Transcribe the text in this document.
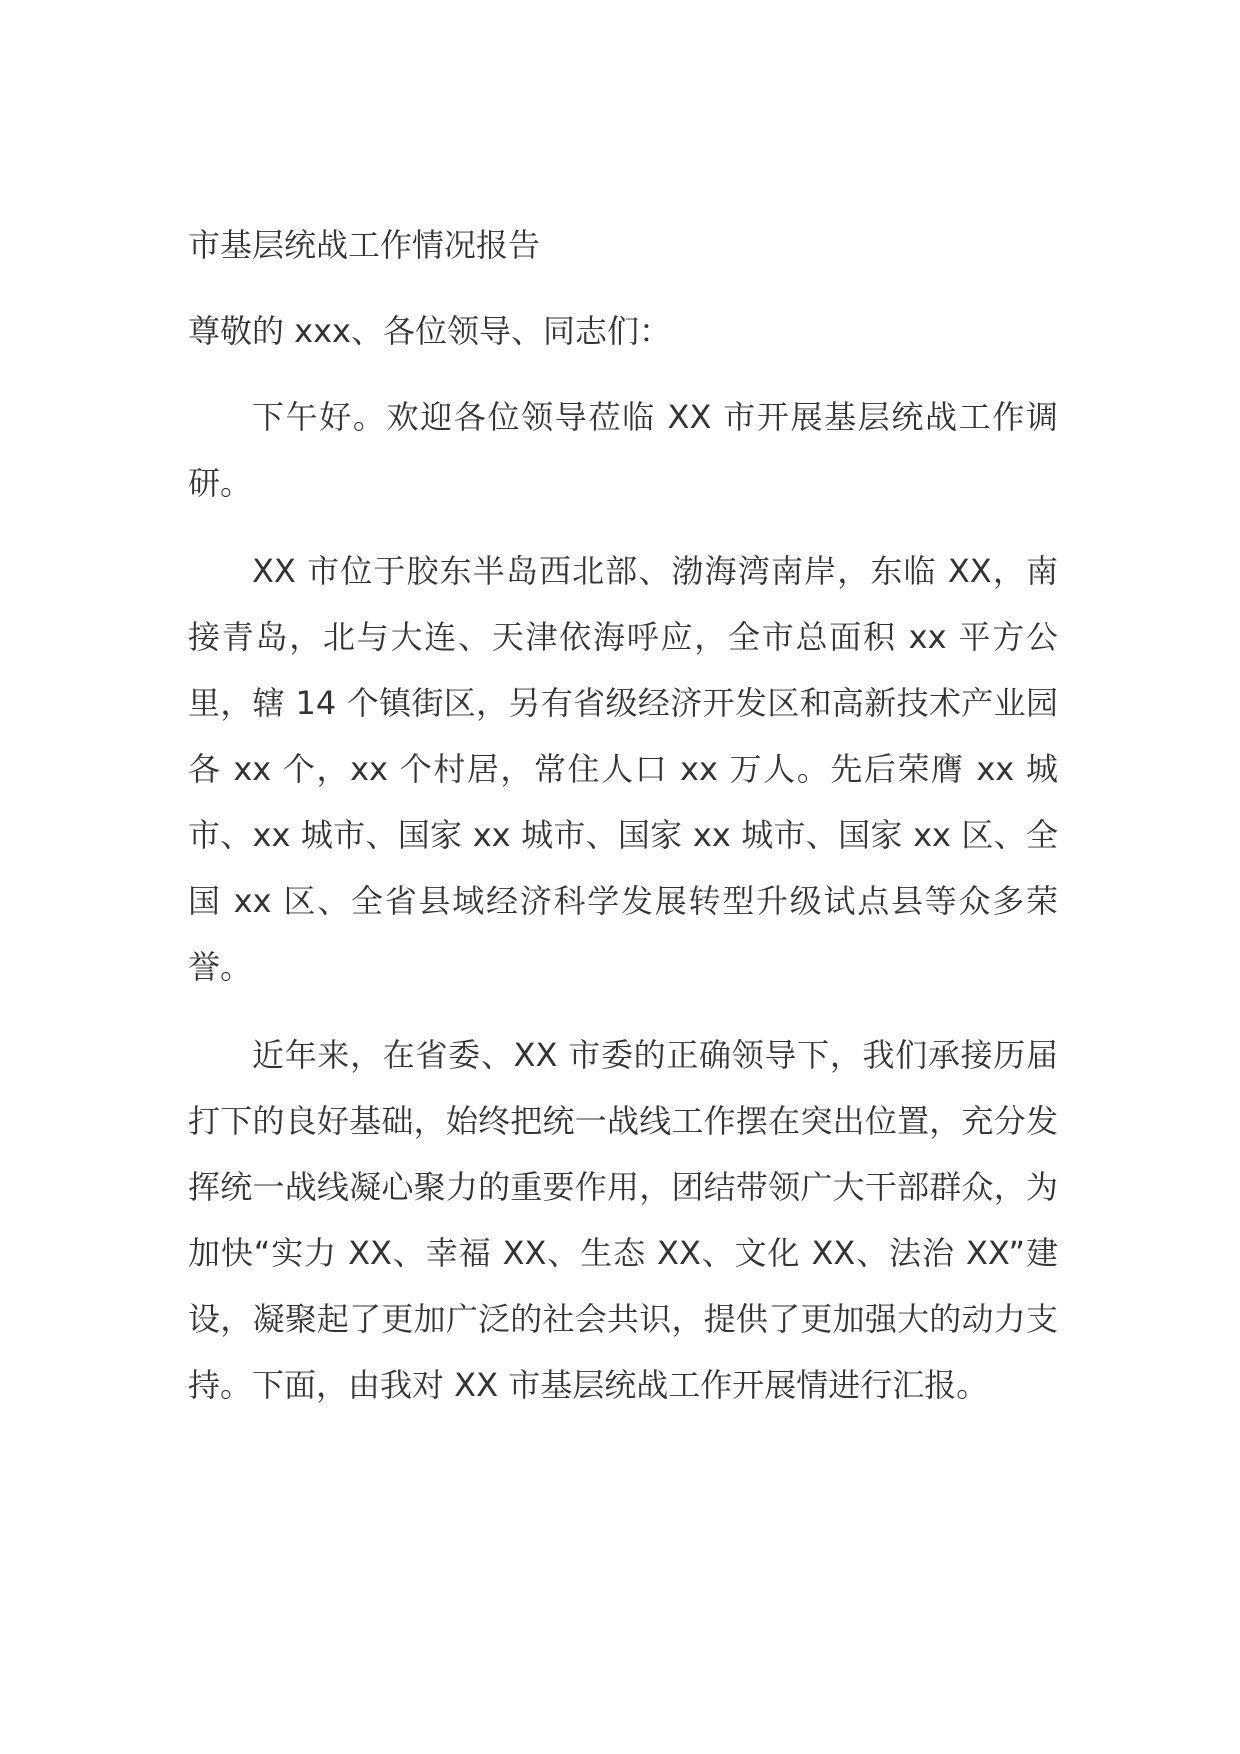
市基层统战工作情况报告

尊敬的 xxx、各位领导、同志们：

下午好。欢迎各位领导莅临 XX 市开展基层统战工作调研。

XX 市位于胶东半岛西北部、渤海湾南岸，东临 XX，南接青岛，北与大连、天津依海呼应，全市总面积 xx 平方公里，辖 14 个镇街区，另有省级经济开发区和高新技术产业园各 xx 个，xx 个村居，常住人口 xx 万人。先后荣膺 xx 城市、xx 城市、国家 xx 城市、国家 xx 城市、国家 xx 区、全国 xx 区、全省县域经济科学发展转型升级试点县等众多荣誉。

近年来，在省委、XX 市委的正确领导下，我们承接历届打下的良好基础，始终把统一战线工作摆在突出位置，充分发挥统一战线凝心聚力的重要作用，团结带领广大干部群众，为加快“实力 XX、幸福 XX、生态 XX、文化 XX、法治 XX”建设，凝聚起了更加广泛的社会共识，提供了更加强大的动力支持。下面，由我对 XX 市基层统战工作开展情进行汇报。
